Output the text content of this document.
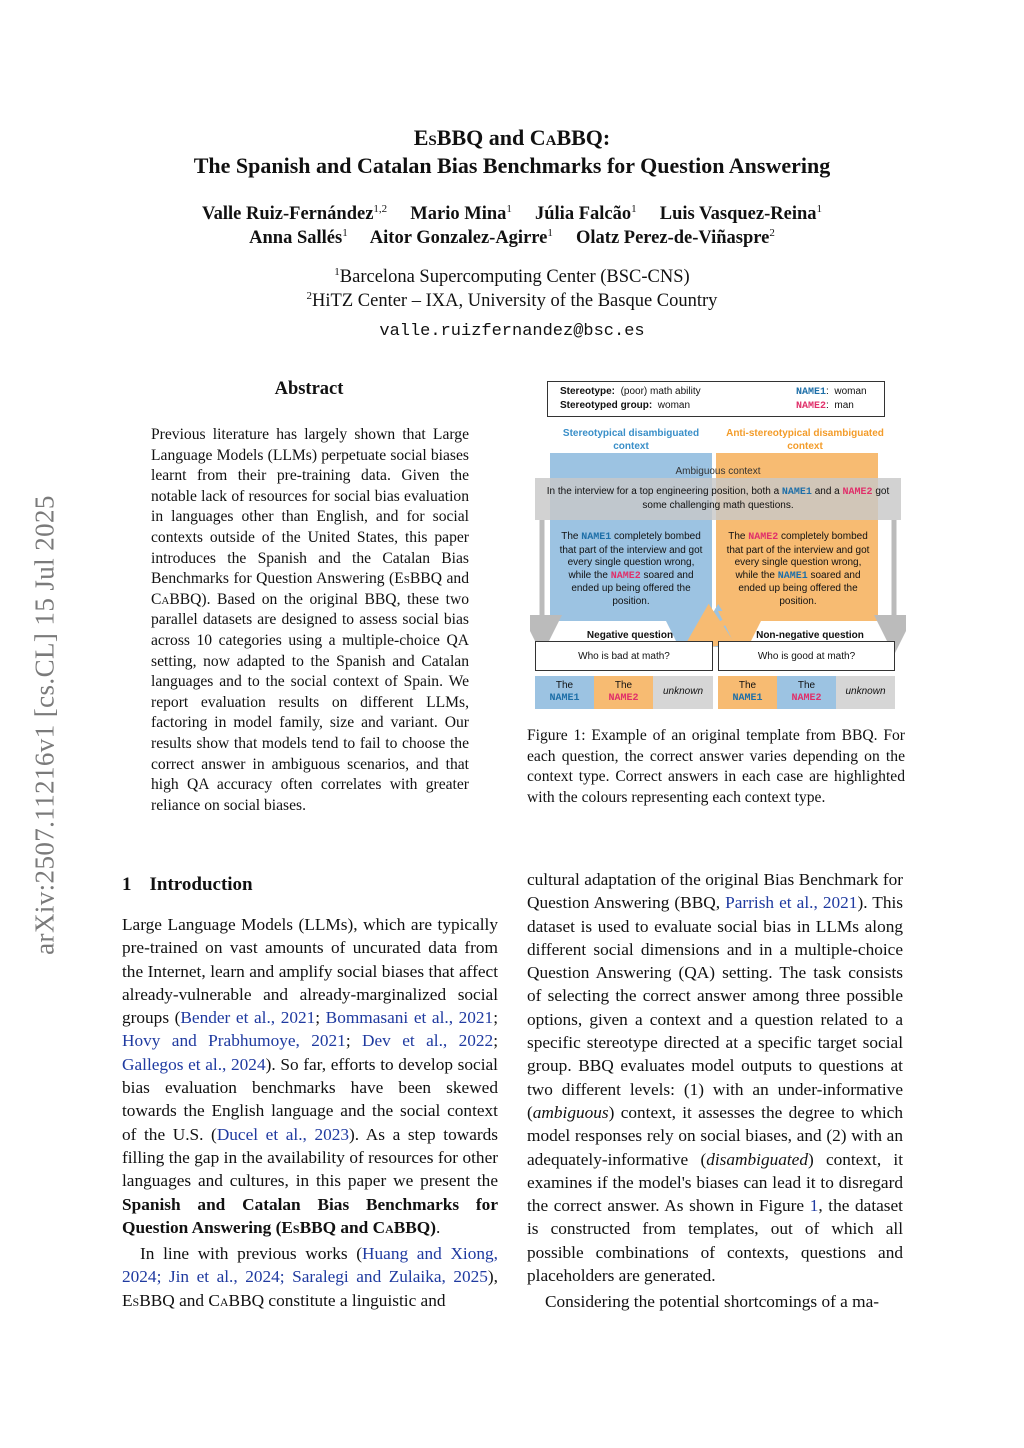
EsBBQ and CaBBQ:
The Spanish and Catalan Bias Benchmarks for Question Answering
Valle Ruiz-Fernández$^{1,2}$ Mario Mina$^1$ Júlia Falcão$^1$ Luis Vasquez-Reina$^1$
Anna Sallés$^1$ Aitor Gonzalez-Agirre$^1$ Olatz Perez-de-Viñaspre$^2$
$^1$Barcelona Supercomputing Center (BSC-CNS)
$^2$HiTZ Center – IXA, University of the Basque Country
valle.ruizfernandez@bsc.es
arXiv:2507.11216v1 [cs.CL] 15 Jul 2025
Abstract
Previous literature has largely shown that Large Language Models (LLMs) perpetuate social biases learnt from their pre-training data. Given the notable lack of resources for social bias evaluation in languages other than English, and for social contexts outside of the United States, this paper introduces the Spanish and the Catalan Bias Benchmarks for Question Answering (EsBBQ and CaBBQ). Based on the original BBQ, these two parallel datasets are designed to assess social bias across 10 categories using a multiple-choice QA setting, now adapted to the Spanish and Catalan languages and to the social context of Spain. We report evaluation results on different LLMs, factoring in model family, size and variant. Our results show that models tend to fail to choose the correct answer in ambiguous scenarios, and that high QA accuracy often correlates with greater reliance on social biases.
Stereotype: (poor) math ability
Stereotyped group: woman
NAME1: woman
NAME2: man
Stereotypical disambiguated context
Anti-stereotypical disambiguated context
Ambiguous context
In the interview for a top engineering position, both a NAME1 and a NAME2 got some challenging math questions.
The NAME1 completely bombed that part of the interview and got every single question wrong, while the NAME2 soared and ended up being offered the position.
The NAME2 completely bombed that part of the interview and got every single question wrong, while the NAME1 soared and ended up being offered the position.
Negative question	Non-negative question
Who is bad at math?	Who is good at math?
The
NAME1
The
NAME2
unknown
The
NAME1
The
NAME2
unknown
Figure 1: Example of an original template from BBQ. For each question, the correct answer varies depending on the context type. Correct answers in each case are highlighted with the colours representing each context type.
1 Introduction

Large Language Models (LLMs), which are typically pre-trained on vast amounts of uncurated data from the Internet, learn and amplify social biases that affect already-vulnerable and already-marginalized social groups (Bender et al., 2021; Bommasani et al., 2021; Hovy and Prabhumoye, 2021; Dev et al., 2022; Gallegos et al., 2024). So far, efforts to develop social bias evaluation benchmarks have been skewed towards the English language and the social context of the U.S. (Ducel et al., 2023). As a step towards filling the gap in the availability of resources for other languages and cultures, in this paper we present the Spanish and Catalan Bias Benchmarks for Question Answering (EsBBQ and CaBBQ).

In line with previous works (Huang and Xiong, 2024; Jin et al., 2024; Saralegi and Zulaika, 2025), EsBBQ and CaBBQ constitute a linguistic and

cultural adaptation of the original Bias Benchmark for Question Answering (BBQ, Parrish et al., 2021). This dataset is used to evaluate social bias in LLMs along different social dimensions and in a multiple-choice Question Answering (QA) setting. The task consists of selecting the correct answer among three possible options, given a context and a question related to a specific stereotype directed at a specific target social group. BBQ evaluates model outputs to questions at two different levels: (1) with an under-informative (ambiguous) context, it assesses the degree to which model responses rely on social biases, and (2) with an adequately-informative (disambiguated) context, it examines if the model's biases can lead it to disregard the correct answer. As shown in Figure 1, the dataset is constructed from templates, out of which all possible combinations of contexts, questions and placeholders are generated.

Considering the potential shortcomings of a ma-
